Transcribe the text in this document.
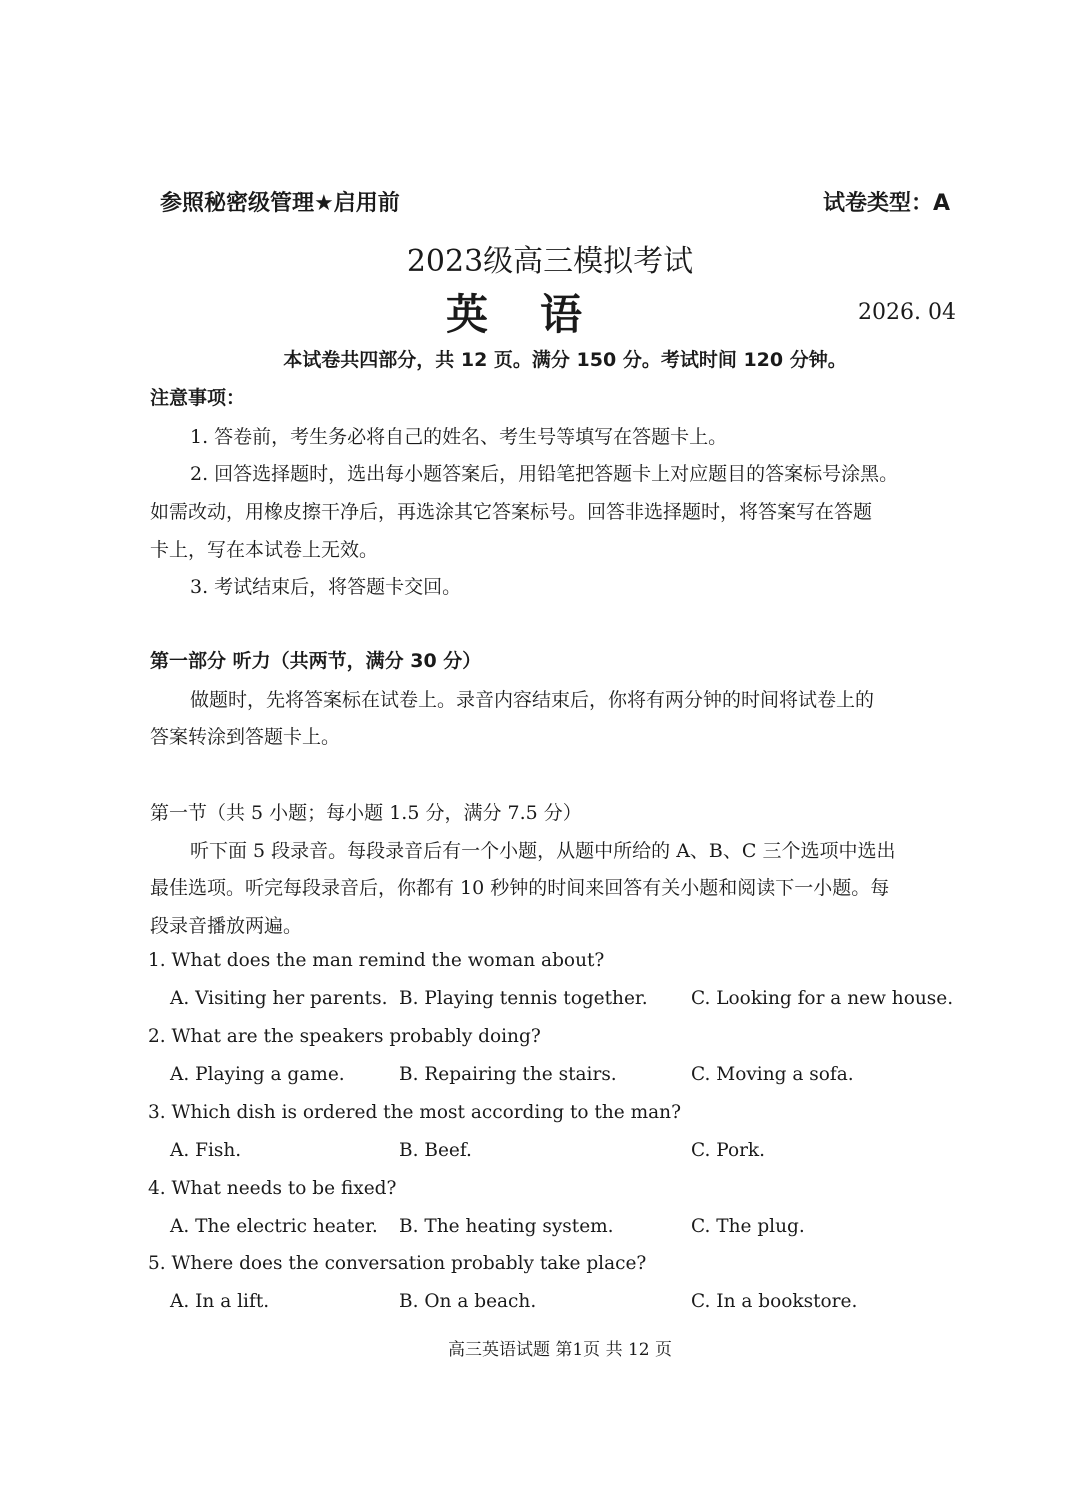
参照秘密级管理★启用前	试卷类型：A
2023级高三模拟考试
英语	2026. 04
本试卷共四部分，共 12 页。满分 150 分。考试时间 120 分钟。
注意事项：
1. 答卷前，考生务必将自己的姓名、考生号等填写在答题卡上。
2. 回答选择题时，选出每小题答案后，用铅笔把答题卡上对应题目的答案标号涂黑。
如需改动，用橡皮擦干净后，再选涂其它答案标号。回答非选择题时，将答案写在答题
卡上，写在本试卷上无效。
3. 考试结束后，将答题卡交回。
第一部分 听力（共两节，满分 30 分）
做题时，先将答案标在试卷上。录音内容结束后，你将有两分钟的时间将试卷上的
答案转涂到答题卡上。
第一节（共 5 小题；每小题 1.5 分，满分 7.5 分）
听下面 5 段录音。每段录音后有一个小题，从题中所给的 A、B、C 三个选项中选出
最佳选项。听完每段录音后，你都有 10 秒钟的时间来回答有关小题和阅读下一小题。每
段录音播放两遍。
1. What does the man remind the woman about?
A. Visiting her parents. B. Playing tennis together. C. Looking for a new house.
2. What are the speakers probably doing?
A. Playing a game.	B. Repairing the stairs.	C. Moving a sofa.
3. Which dish is ordered the most according to the man?
A. Fish.	B. Beef.	C. Pork.
4. What needs to be fixed?
A. The electric heater. B. The heating system.	C. The plug.
5. Where does the conversation probably take place?
A. In a lift.	B. On a beach.	C. In a bookstore.
高三英语试题 第1页 共 12 页
